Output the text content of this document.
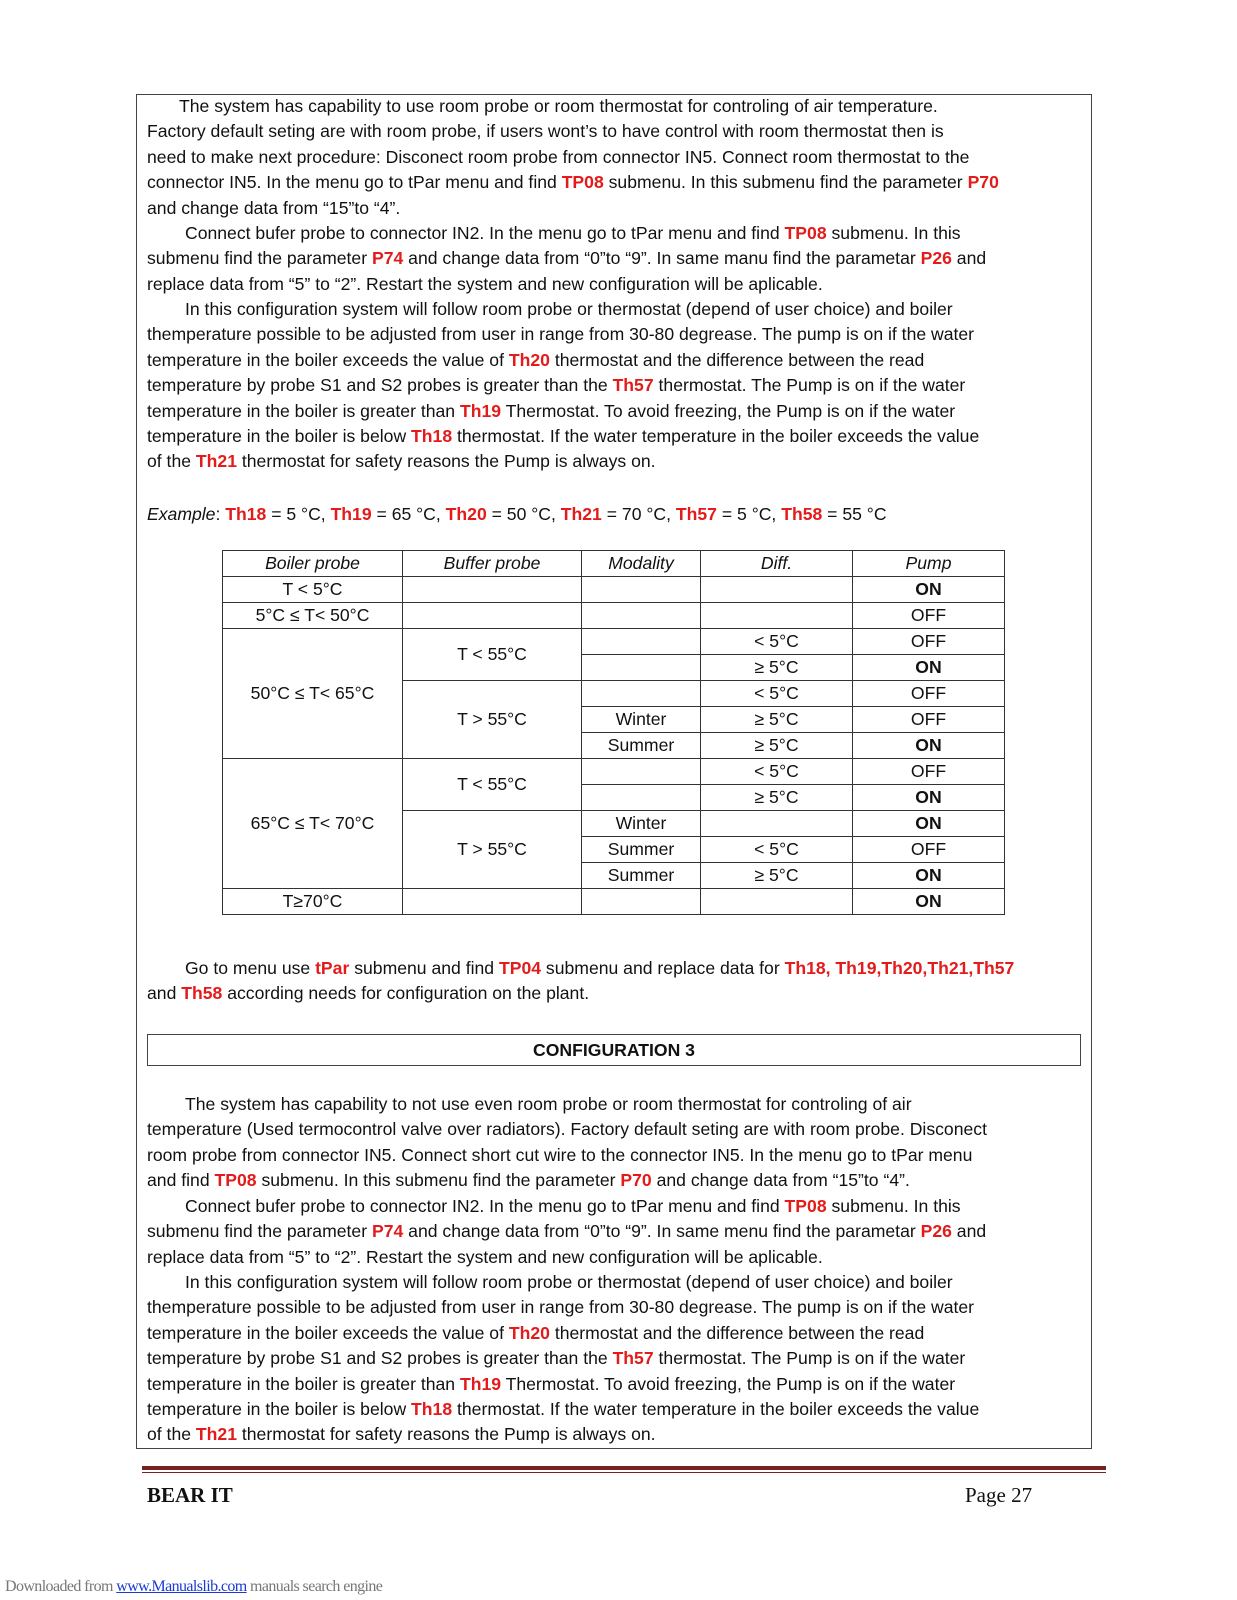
The system has capability to use room probe or room thermostat for controling of air temperature.
Factory default seting are with room probe, if users wont’s to have control with room thermostat then is
need to make next procedure: Disconect room probe from connector IN5. Connect room thermostat to the
connector IN5. In the menu go to tPar menu and find TP08 submenu. In this submenu find the parameter P70
and change data from “15”to “4”.
Connect bufer probe to connector IN2. In the menu go to tPar menu and find TP08 submenu. In this
submenu find the parameter P74 and change data from “0”to “9”. In same manu find the parametar P26 and
replace data from “5” to “2”. Restart the system and new configuration will be aplicable.
In this configuration system will follow room probe or thermostat (depend of user choice) and boiler
themperature possible to be adjusted from user in range from 30-80 degrease. The pump is on if the water
temperature in the boiler exceeds the value of Th20 thermostat and the difference between the read
temperature by probe S1 and S2 probes is greater than the Th57 thermostat. The Pump is on if the water
temperature in the boiler is greater than Th19 Thermostat. To avoid freezing, the Pump is on if the water
temperature in the boiler is below Th18 thermostat. If the water temperature in the boiler exceeds the value
of the Th21 thermostat for safety reasons the Pump is always on.
Example: Th18 = 5 °C, Th19 = 65 °C, Th20 = 50 °C, Th21 = 70 °C, Th57 = 5 °C, Th58 = 55 °C
Boiler probe	Buffer probe	Modality	Diff.	Pump
T < 5°C				ON
5°C ≤ T< 50°C				OFF
50°C ≤ T< 65°C	T < 55°C		< 5°C	OFF
			≥ 5°C	ON
	T > 55°C		< 5°C	OFF
		Winter	≥ 5°C	OFF
		Summer	≥ 5°C	ON
65°C ≤ T< 70°C	T < 55°C		< 5°C	OFF
			≥ 5°C	ON
	T > 55°C	Winter		ON
		Summer	< 5°C	OFF
		Summer	≥ 5°C	ON
T≥70°C				ON
Go to menu use tPar submenu and find TP04 submenu and replace data for Th18, Th19,Th20,Th21,Th57
and Th58 according needs for configuration on the plant.
CONFIGURATION 3
The system has capability to not use even room probe or room thermostat for controling of air
temperature (Used termocontrol valve over radiators). Factory default seting are with room probe. Disconect
room probe from connector IN5. Connect short cut wire to the connector IN5. In the menu go to tPar menu
and find TP08 submenu. In this submenu find the parameter P70 and change data from “15”to “4”.
Connect bufer probe to connector IN2. In the menu go to tPar menu and find TP08 submenu. In this
submenu find the parameter P74 and change data from “0”to “9”. In same menu find the parametar P26 and
replace data from “5” to “2”. Restart the system and new configuration will be aplicable.
In this configuration system will follow room probe or thermostat (depend of user choice) and boiler
themperature possible to be adjusted from user in range from 30-80 degrease. The pump is on if the water
temperature in the boiler exceeds the value of Th20 thermostat and the difference between the read
temperature by probe S1 and S2 probes is greater than the Th57 thermostat. The Pump is on if the water
temperature in the boiler is greater than Th19 Thermostat. To avoid freezing, the Pump is on if the water
temperature in the boiler is below Th18 thermostat. If the water temperature in the boiler exceeds the value
of the Th21 thermostat for safety reasons the Pump is always on.
BEAR IT	Page 27
Downloaded from www.Manualslib.com manuals search engine
